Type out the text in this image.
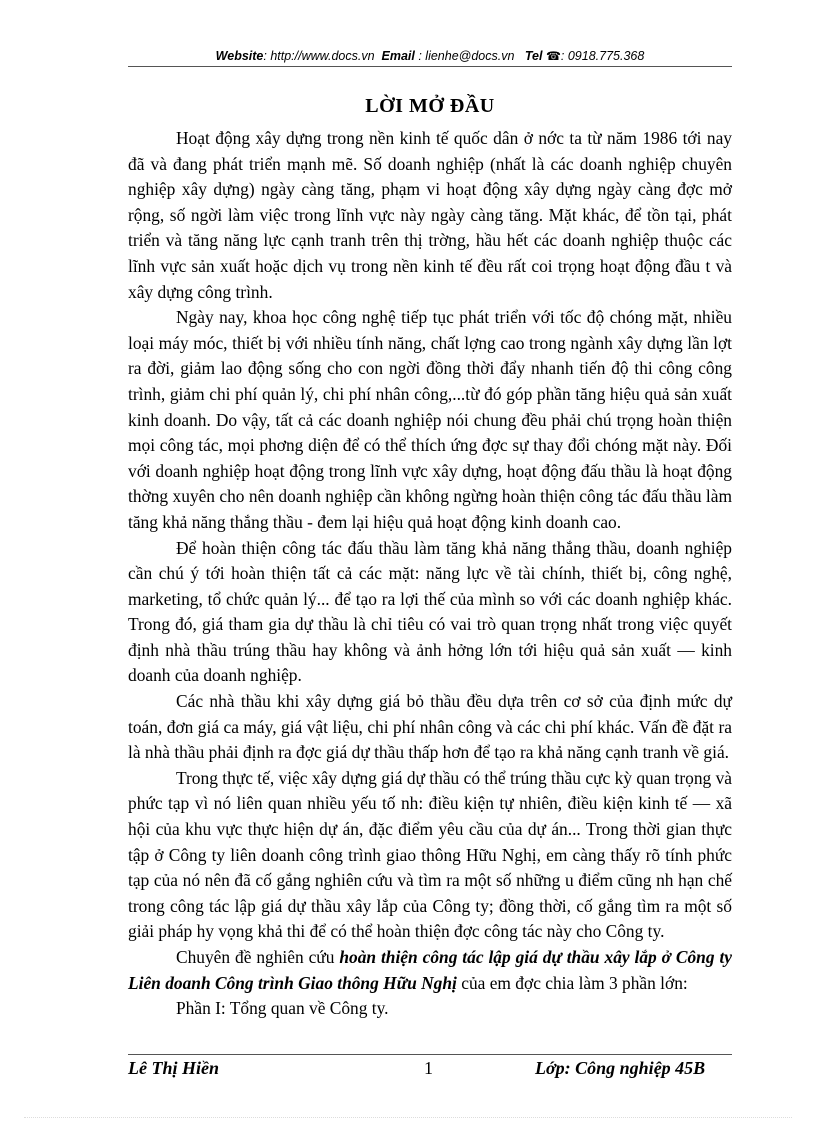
Website: http://www.docs.vn Email : lienhe@docs.vn Tel ☎: 0918.775.368
LỜI MỞ ĐẦU

Hoạt động xây dựng trong nền kinh tế quốc dân ở nớc ta từ năm 1986 tới nay đã và đang phát triển mạnh mẽ. Số doanh nghiệp (nhất là các doanh nghiệp chuyên nghiệp xây dựng) ngày càng tăng, phạm vi hoạt động xây dựng ngày càng đợc mở rộng, số ngời làm việc trong lĩnh vực này ngày càng tăng. Mặt khác, để tồn tại, phát triển và tăng năng lực cạnh tranh trên thị trờng, hầu hết các doanh nghiệp thuộc các lĩnh vực sản xuất hoặc dịch vụ trong nền kinh tế đều rất coi trọng hoạt động đầu t và xây dựng công trình.

Ngày nay, khoa học công nghệ tiếp tục phát triển với tốc độ chóng mặt, nhiều loại máy móc, thiết bị với nhiều tính năng, chất lợng cao trong ngành xây dựng lần lợt ra đời, giảm lao động sống cho con ngời đồng thời đẩy nhanh tiến độ thi công công trình, giảm chi phí quản lý, chi phí nhân công,...từ đó góp phần tăng hiệu quả sản xuất kinh doanh. Do vậy, tất cả các doanh nghiệp nói chung đều phải chú trọng hoàn thiện mọi công tác, mọi phơng diện để có thể thích ứng đợc sự thay đổi chóng mặt này. Đối với doanh nghiệp hoạt động trong lĩnh vực xây dựng, hoạt động đấu thầu là hoạt động thờng xuyên cho nên doanh nghiệp cần không ngừng hoàn thiện công tác đấu thầu làm tăng khả năng thắng thầu - đem lại hiệu quả hoạt động kinh doanh cao.

Để hoàn thiện công tác đấu thầu làm tăng khả năng thắng thầu, doanh nghiệp cần chú ý tới hoàn thiện tất cả các mặt: năng lực về tài chính, thiết bị, công nghệ, marketing, tổ chức quản lý... để tạo ra lợi thế của mình so với các doanh nghiệp khác. Trong đó, giá tham gia dự thầu là chỉ tiêu có vai trò quan trọng nhất trong việc quyết định nhà thầu trúng thầu hay không và ảnh hởng lớn tới hiệu quả sản xuất — kinh doanh của doanh nghiệp.

Các nhà thầu khi xây dựng giá bỏ thầu đều dựa trên cơ sở của định mức dự toán, đơn giá ca máy, giá vật liệu, chi phí nhân công và các chi phí khác. Vấn đề đặt ra là nhà thầu phải định ra đợc giá dự thầu thấp hơn để tạo ra khả năng cạnh tranh về giá.

Trong thực tế, việc xây dựng giá dự thầu có thể trúng thầu cực kỳ quan trọng và phức tạp vì nó liên quan nhiều yếu tố nh: điều kiện tự nhiên, điều kiện kinh tế — xã hội của khu vực thực hiện dự án, đặc điểm yêu cầu của dự án... Trong thời gian thực tập ở Công ty liên doanh công trình giao thông Hữu Nghị, em càng thấy rõ tính phức tạp của nó nên đã cố gắng nghiên cứu và tìm ra một số những u điểm cũng nh hạn chế trong công tác lập giá dự thầu xây lắp của Công ty; đồng thời, cố gắng tìm ra một số giải pháp hy vọng khả thi để có thể hoàn thiện đợc công tác này cho Công ty.

Chuyên đề nghiên cứu hoàn thiện công tác lập giá dự thầu xây lắp ở Công ty Liên doanh Công trình Giao thông Hữu Nghị của em đợc chia làm 3 phần lớn:

Phần I: Tổng quan về Công ty.

Lê Thị Hiền	1	Lớp: Công nghiệp 45B
